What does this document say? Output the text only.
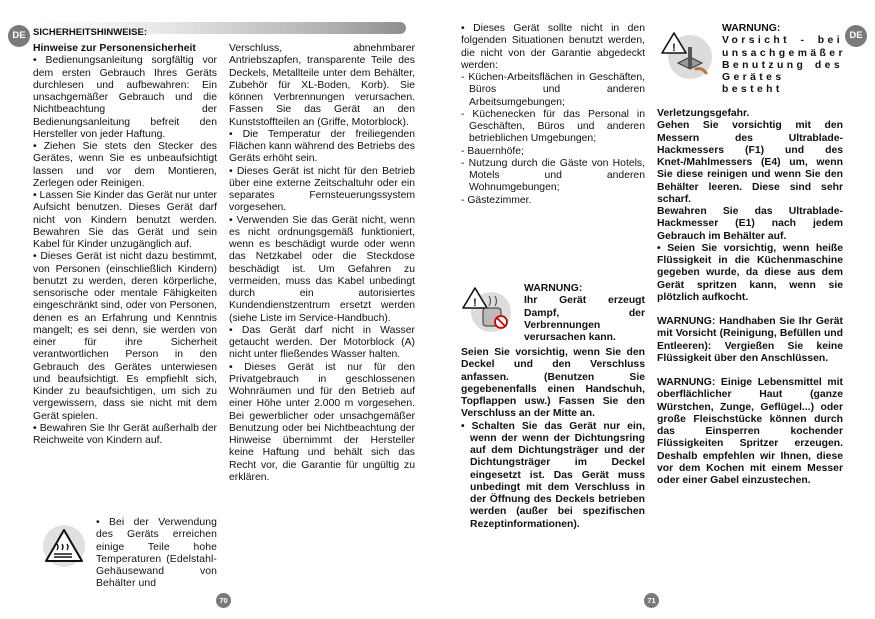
DE SICHERHEITSHINWEISE:

Hinweise zur Personensicherheit

• Bedienungsanleitung sorgfältig vor dem ersten Gebrauch Ihres Geräts durchlesen und aufbewahren: Ein unsachgemäßer Gebrauch und die Nichtbeachtung der Bedienungsanleitung befreit den Hersteller von jeder Haftung.

• Ziehen Sie stets den Stecker des Gerätes, wenn Sie es unbeaufsichtigt lassen und vor dem Montieren, Zerlegen oder Reinigen.

• Lassen Sie Kinder das Gerät nur unter Aufsicht benutzen. Dieses Gerät darf nicht von Kindern benutzt werden. Bewahren Sie das Gerät und sein Kabel für Kinder unzugänglich auf.

• Dieses Gerät ist nicht dazu bestimmt, von Personen (einschließlich Kindern) benutzt zu werden, deren körperliche, sensorische oder mentale Fähigkeiten eingeschränkt sind, oder von Personen, denen es an Erfahrung und Kenntnis mangelt; es sei denn, sie werden von einer für ihre Sicherheit verantwortlichen Person in den Gebrauch des Gerätes unterwiesen und beaufsichtigt. Es empfiehlt sich, Kinder zu beaufsichtigen, um sich zu vergewissern, dass sie nicht mit dem Gerät spielen.

• Bewahren Sie Ihr Gerät außerhalb der Reichweite von Kindern auf.

• Bei der Verwendung des Geräts erreichen einige Teile hohe Temperaturen (Edelstahl-Gehäusewand von Behälter und

Verschluss, abnehmbarer Antriebszapfen, transparente Teile des Deckels, Metallteile unter dem Behälter, Zubehör für XL-Boden, Korb). Sie können Verbrennungen verursachen. Fassen Sie das Gerät an den Kunststoffteilen an (Griffe, Motorblock).

• Die Temperatur der freiliegenden Flächen kann während des Betriebs des Geräts erhöht sein.

• Dieses Gerät ist nicht für den Betrieb über eine externe Zeitschaltuhr oder ein separates Fernsteuerungssystem vorgesehen.

• Verwenden Sie das Gerät nicht, wenn es nicht ordnungsgemäß funktioniert, wenn es beschädigt wurde oder wenn das Netzkabel oder die Steckdose beschädigt ist. Um Gefahren zu vermeiden, muss das Kabel unbedingt durch ein autorisiertes Kundendienstzentrum ersetzt werden (siehe Liste im Service-Handbuch).

• Das Gerät darf nicht in Wasser getaucht werden. Der Motorblock (A) nicht unter fließendes Wasser halten.

• Dieses Gerät ist nur für den Privatgebrauch in geschlossenen Wohnräumen und für den Betrieb auf einer Höhe unter 2.000 m vorgesehen. Bei gewerblicher oder unsachgemäßer Benutzung oder bei Nichtbeachtung der Hinweise übernimmt der Hersteller keine Haftung und behält sich das Recht vor, die Garantie für ungültig zu erklären.

70

• Dieses Gerät sollte nicht in den folgenden Situationen benutzt werden, die nicht von der Garantie abgedeckt werden:

- Küchen-Arbeitsflächen in Geschäften, Büros und anderen Arbeitsumgebungen;
- Küchenecken für das Personal in Geschäften, Büros und anderen betrieblichen Umgebungen;
- Bauernhöfe;
- Nutzung durch die Gäste von Hotels, Motels und anderen Wohnumgebungen;
- Gästezimmer.
!

WARNUNG:

Ihr Gerät erzeugt Dampf, der Verbrennungen verursachen kann.

Seien Sie vorsichtig, wenn Sie den Deckel und den Verschluss anfassen. (Benutzen Sie gegebenenfalls einen Handschuh, Topflappen usw.) Fassen Sie den Verschluss an der Mitte an.

• Schalten Sie das Gerät nur ein, wenn der wenn der Dichtungsring auf dem Dichtungsträger und der Dichtungsträger im Deckel eingesetzt ist. Das Gerät muss unbedingt mit dem Verschluss in der Öffnung des Deckels betrieben werden (außer bei spezifischen Rezeptinformationen).

!

WARNUNG:

Vorsicht - bei unsachgemäßer Benutzung des Gerätes besteht

Verletzungsgefahr.

Gehen Sie vorsichtig mit den Messern des Ultrablade-Hackmessers (F1) und des Knet-/Mahlmessers (E4) um, wenn Sie diese reinigen und wenn Sie den Behälter leeren. Diese sind sehr scharf.

Bewahren Sie das Ultrablade-Hackmesser (E1) nach jedem Gebrauch im Behälter auf.

• Seien Sie vorsichtig, wenn heiße Flüssigkeit in die Küchenmaschine gegeben wurde, da diese aus dem Gerät spritzen kann, wenn sie plötzlich aufkocht.

WARNUNG: Handhaben Sie Ihr Gerät mit Vorsicht (Reinigung, Befüllen und Entleeren): Vergießen Sie keine Flüssigkeit über den Anschlüssen.

WARNUNG: Einige Lebensmittel mit oberflächlicher Haut (ganze Würstchen, Zunge, Geflügel...) oder große Fleischstücke können durch das Einsperren kochender Flüssigkeiten Spritzer erzeugen. Deshalb empfehlen wir Ihnen, diese vor dem Kochen mit einem Messer oder einer Gabel einzustechen.

DE
71
